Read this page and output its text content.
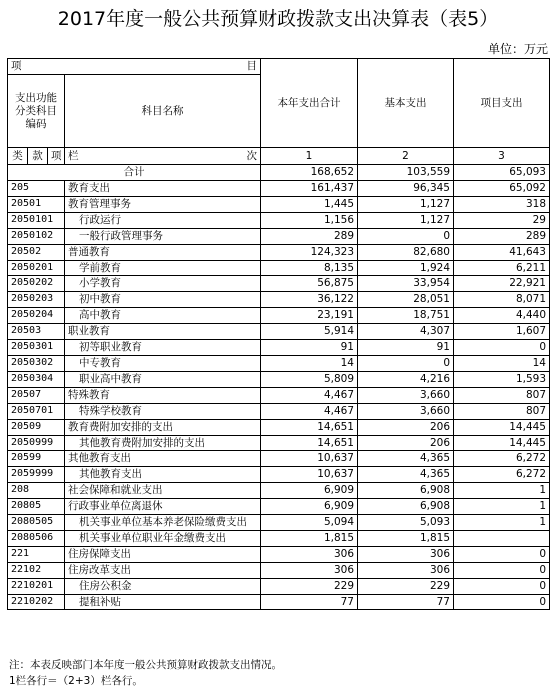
2017年度一般公共预算财政拨款支出决算表（表5）
单位：万元
项 目				本年支出合计	基本支出	项目支出
支出功能分类科目编码			科目名称			
类	款	项	栏 次	1	2	3
合计				168,652	103,559	65,093
205			教育支出	161,437	96,345	65,092
20501			教育管理事务	1,445	1,127	318
2050101			行政运行	1,156	1,127	29
2050102			一般行政管理事务	289	0	289
20502			普通教育	124,323	82,680	41,643
2050201			学前教育	8,135	1,924	6,211
2050202			小学教育	56,875	33,954	22,921
2050203			初中教育	36,122	28,051	8,071
2050204			高中教育	23,191	18,751	4,440
20503			职业教育	5,914	4,307	1,607
2050301			初等职业教育	91	91	0
2050302			中专教育	14	0	14
2050304			职业高中教育	5,809	4,216	1,593
20507			特殊教育	4,467	3,660	807
2050701			特殊学校教育	4,467	3,660	807
20509			教育费附加安排的支出	14,651	206	14,445
2050999			其他教育费附加安排的支出	14,651	206	14,445
20599			其他教育支出	10,637	4,365	6,272
2059999			其他教育支出	10,637	4,365	6,272
208			社会保障和就业支出	6,909	6,908	1
20805			行政事业单位离退休	6,909	6,908	1
2080505			机关事业单位基本养老保险缴费支出	5,094	5,093	1
2080506			机关事业单位职业年金缴费支出	1,815	1,815	
221			住房保障支出	306	306	0
22102			住房改革支出	306	306	0
2210201			住房公积金	229	229	0
2210202			提租补贴	77	77	0
注：本表反映部门本年度一般公共预算财政拨款支出情况。
1栏各行＝（2+3）栏各行。
